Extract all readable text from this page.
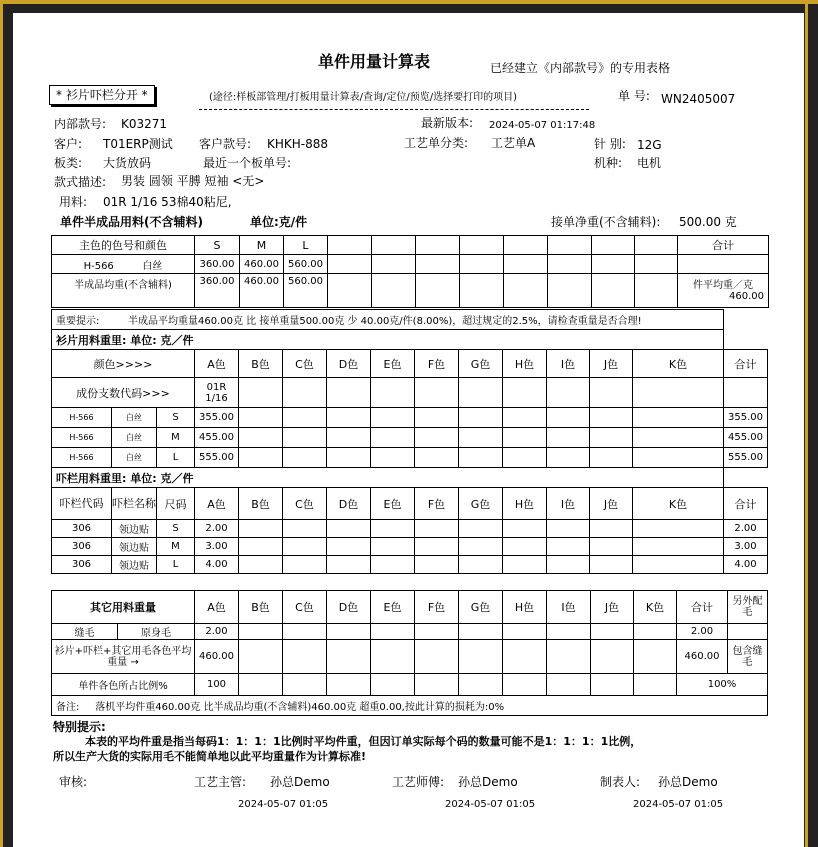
单件用量计算表	已经建立《内部款号》的专用表格
* 衫片吓栏分开 *	(途径:样板部管理/打板用量计算表/查询/定位/预览/选择要打印的项目)	单 号: WN2405007
内部款号: K03271	最新版本: 2024-05-07 01:17:48
客户: T01ERP测试 客户款号: KHKH-888	工艺单分类: 工艺单A	针 别: 12G
板类: 大货放码	最近一个板单号:	机种: 电机
款式描述: 男装 圆领 平膊 短袖 <无>
用料: 01R 1/16 53棉40粘尼,
单件半成品用料(不含辅料)	单位:克/件	接单净重(不含辅料): 500.00 克
主色的色号和颜色	S	M	L									合计
H-566 白丝	360.00	460.00	560.00									
半成品均重(不含辅料)	360.00	460.00	560.00									件平均重／克
460.00
重要提示: 半成品平均重量460.00克 比 接单重量500.00克 少 40.00克/件(8.00%)，超过规定的2.5%，请检查重量是否合理!														
衫片用料重里: 单位: 克／件														
颜色>>>>			A色	B色	C色	D色	E色	F色	G色	H色	I色	J色	K色	合计
成份支数代码>>>			01R 1/16											
H-566	白丝	S	355.00											355.00
H-566	白丝	M	455.00											455.00
H-566	白丝	L	555.00											555.00
吓栏用料重里: 单位: 克／件														
吓栏代码	吓栏名称	尺码	A色	B色	C色	D色	E色	F色	G色	H色	I色	J色	K色	合计
306	领边贴	S	2.00											2.00
306	领边贴	M	3.00											3.00
306	领边贴	L	4.00											4.00
其它用料重量		A色	B色	C色	D色	E色	F色	G色	H色	I色	J色	K色	合计	另外配毛
缝毛	原身毛	2.00											2.00	
衫片+吓栏+其它用毛各色平均重量 →		460.00											460.00	包含缝毛
单件各色所占比例%		100											100%	
备注: 落机平均件重460.00克 比半成品均重(不含辅料)460.00克 超重0.00,按此计算的损耗为:0%														
特别提示:
本表的平均件重是指当每码1：1：1：1比例时平均件重，但因订单实际每个码的数量可能不是1：1：1：1比例，
所以生产大货的实际用毛不能简单地以此平均重量作为计算标准!
审核:	工艺主管: 孙总Demo
2024-05-07 01:05
工艺师傅: 孙总Demo
2024-05-07 01:05
制表人: 孙总Demo
2024-05-07 01:05
